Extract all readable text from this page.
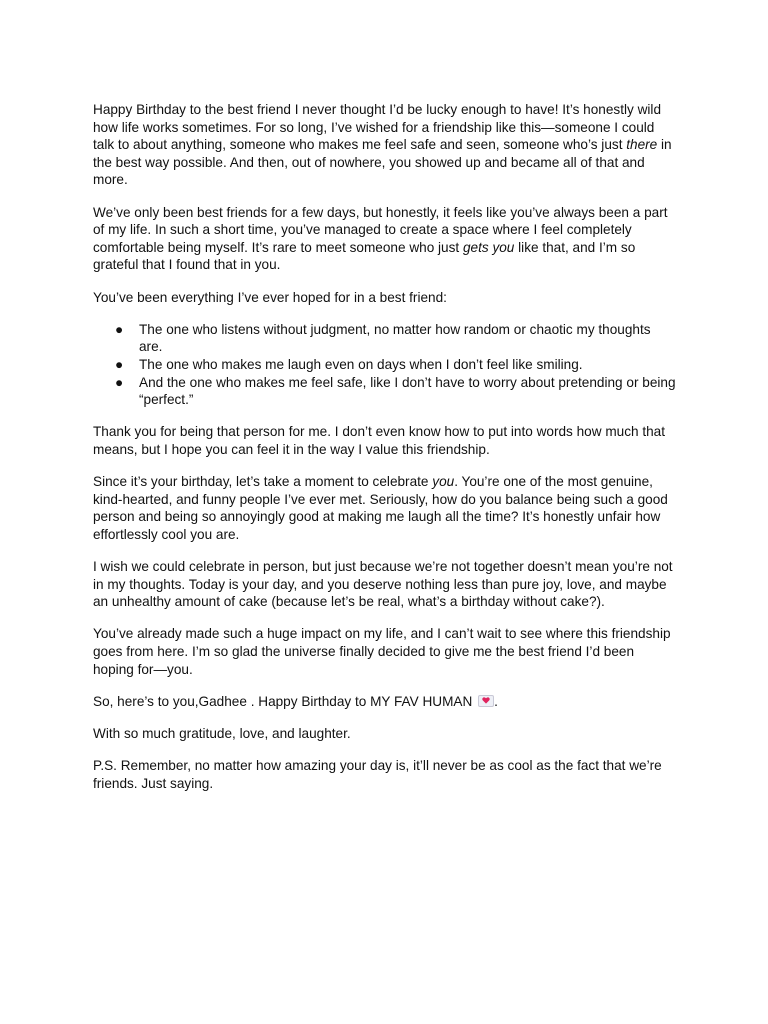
Happy Birthday to the best friend I never thought I’d be lucky enough to have! It’s honestly wild how life works sometimes. For so long, I’ve wished for a friendship like this—someone I could talk to about anything, someone who makes me feel safe and seen, someone who’s just there in the best way possible. And then, out of nowhere, you showed up and became all of that and more.

We’ve only been best friends for a few days, but honestly, it feels like you’ve always been a part of my life. In such a short time, you’ve managed to create a space where I feel completely comfortable being myself. It’s rare to meet someone who just gets you like that, and I’m so grateful that I found that in you.

You’ve been everything I’ve ever hoped for in a best friend:

● The one who listens without judgment, no matter how random or chaotic my thoughts are.
● The one who makes me laugh even on days when I don’t feel like smiling.
● And the one who makes me feel safe, like I don’t have to worry about pretending or being “perfect.”

Thank you for being that person for me. I don’t even know how to put into words how much that means, but I hope you can feel it in the way I value this friendship.

Since it’s your birthday, let’s take a moment to celebrate you. You’re one of the most genuine, kind-hearted, and funny people I’ve ever met. Seriously, how do you balance being such a good person and being so annoyingly good at making me laugh all the time? It’s honestly unfair how effortlessly cool you are.

I wish we could celebrate in person, but just because we’re not together doesn’t mean you’re not in my thoughts. Today is your day, and you deserve nothing less than pure joy, love, and maybe an unhealthy amount of cake (because let’s be real, what’s a birthday without cake?).

You’ve already made such a huge impact on my life, and I can’t wait to see where this friendship goes from here. I’m so glad the universe finally decided to give me the best friend I’d been hoping for—you.

So, here’s to you,Gadhee . Happy Birthday to MY FAV HUMAN
.

With so much gratitude, love, and laughter.

P.S. Remember, no matter how amazing your day is, it’ll never be as cool as the fact that we’re friends. Just saying.
